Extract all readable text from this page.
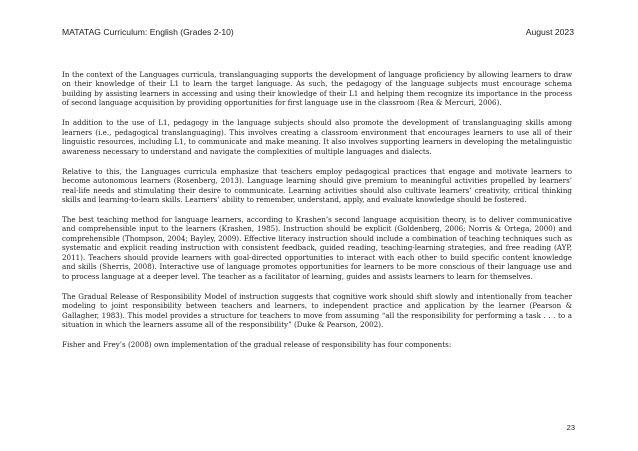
MATATAG Curriculum: English (Grades 2-10)	August 2023

In the context of the Languages curricula, translanguaging supports the development of language proficiency by allowing learners to draw on their knowledge of their L1 to learn the target language. As such, the pedagogy of the language subjects must encourage schema building by assisting learners in accessing and using their knowledge of their L1 and helping them recognize its importance in the process of second language acquisition by providing opportunities for first language use in the classroom (Rea & Mercuri, 2006).

In addition to the use of L1, pedagogy in the language subjects should also promote the development of translanguaging skills among learners (i.e., pedagogical translanguaging). This involves creating a classroom environment that encourages learners to use all of their linguistic resources, including L1, to communicate and make meaning. It also involves supporting learners in developing the metalinguistic awareness necessary to understand and navigate the complexities of multiple languages and dialects.

Relative to this, the Languages curricula emphasize that teachers employ pedagogical practices that engage and motivate learners to become autonomous learners (Rosenberg, 2013). Language learning should give premium to meaningful activities propelled by learners’ real-life needs and stimulating their desire to communicate. Learning activities should also cultivate learners’ creativity, critical thinking skills and learning-to-learn skills. Learners’ ability to remember, understand, apply, and evaluate knowledge should be fostered.

The best teaching method for language learners, according to Krashen’s second language acquisition theory, is to deliver communicative and comprehensible input to the learners (Krashen, 1985). Instruction should be explicit (Goldenberg, 2006; Norris & Ortega, 2000) and comprehensible (Thompson, 2004; Bayley, 2009). Effective literacy instruction should include a combination of teaching techniques such as systematic and explicit reading instruction with consistent feedback, guided reading, teaching-learning strategies, and free reading (AYP, 2011). Teachers should provide learners with goal-directed opportunities to interact with each other to build specific content knowledge and skills (Sherris, 2008). Interactive use of language promotes opportunities for learners to be more conscious of their language use and to process language at a deeper level. The teacher as a facilitator of learning, guides and assists learners to learn for themselves.

The Gradual Release of Responsibility Model of instruction suggests that cognitive work should shift slowly and intentionally from teacher modeling to joint responsibility between teachers and learners, to independent practice and application by the learner (Pearson & Gallagher, 1983). This model provides a structure for teachers to move from assuming “all the responsibility for performing a task . . . to a situation in which the learners assume all of the responsibility” (Duke & Pearson, 2002).

Fisher and Frey’s (2008) own implementation of the gradual release of responsibility has four components:

23
